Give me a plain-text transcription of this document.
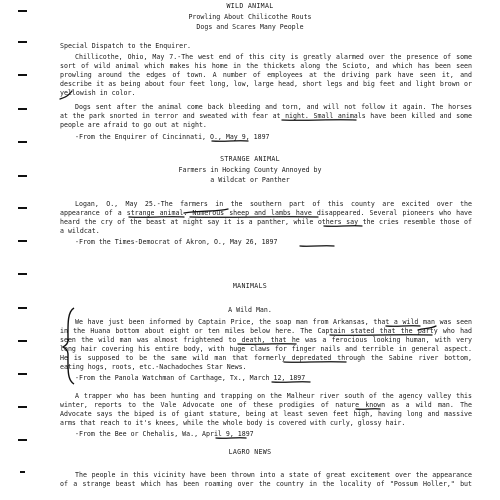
WILD ANIMAL
Prowling About Chilicothe Routs
Dogs and Scares Many People
Special Dispatch to the Enquirer.
Chillicothe, Ohio, May 7.-The west end of this city is greatly alarmed over the presence of some
sort of wild animal which makes his home in the thickets along the Scioto, and which has been seen
prowling around the edges of town. A number of employees at the driving park have seen it, and
describe it as being about four feet long, low, large head, short legs and big feet and light brown or
yellowish in color.
Dogs sent after the animal come back bleeding and torn, and will not follow it again. The horses
at the park snorted in terror and sweated with fear at night. Small animals have been killed and some
people are afraid to go out at night.
-From the Enquirer of Cincinnati, O., May 9, 1897
STRANGE ANIMAL
Farmers in Hocking County Annoyed by
a Wildcat or Panther
Logan, O., May 25.-The farmers in the southern part of this county are excited over the
appearance of a strange animal. Numerous sheep and lambs have disappeared. Several pioneers who have
heard the cry of the beast at night say it is a panther, while others say the cries resemble those of
a wildcat.
-From the Times-Democrat of Akron, O., May 26, 1897
MANIMALS
A Wild Man.
We have just been informed by Captain Price, the soap man from Arkansas, that a wild man was seen
in the Huana bottom about eight or ten miles below here. The Captain stated that the party who had
seen the wild man was almost frightened to death, that he was a ferocious looking human, with very
long hair covering his entire body, with huge claws for finger nails and terrible in general aspect.
He is supposed to be the same wild man that formerly depredated through the Sabine river bottom,
eating hogs, roots, etc.-Nachadoches Star News.
-From the Panola Watchman of Carthage, Tx., March 12, 1897
A trapper who has been hunting and trapping on the Malheur river south of the agency valley this
winter, reports to the Vale Advocate one of these prodigies of nature known as a wild man. The
Advocate says the biped is of giant stature, being at least seven feet high, having long and massive
arms that reach to it's knees, while the whole body is covered with curly, glossy hair.
-From the Bee or Chehalis, Wa., April 9, 1897
LAGRO NEWS
The people in this vicinity have been thrown into a state of great excitement over the appearance
of a strange beast which has been roaming over the country in the locality of "Possum Holler," but
